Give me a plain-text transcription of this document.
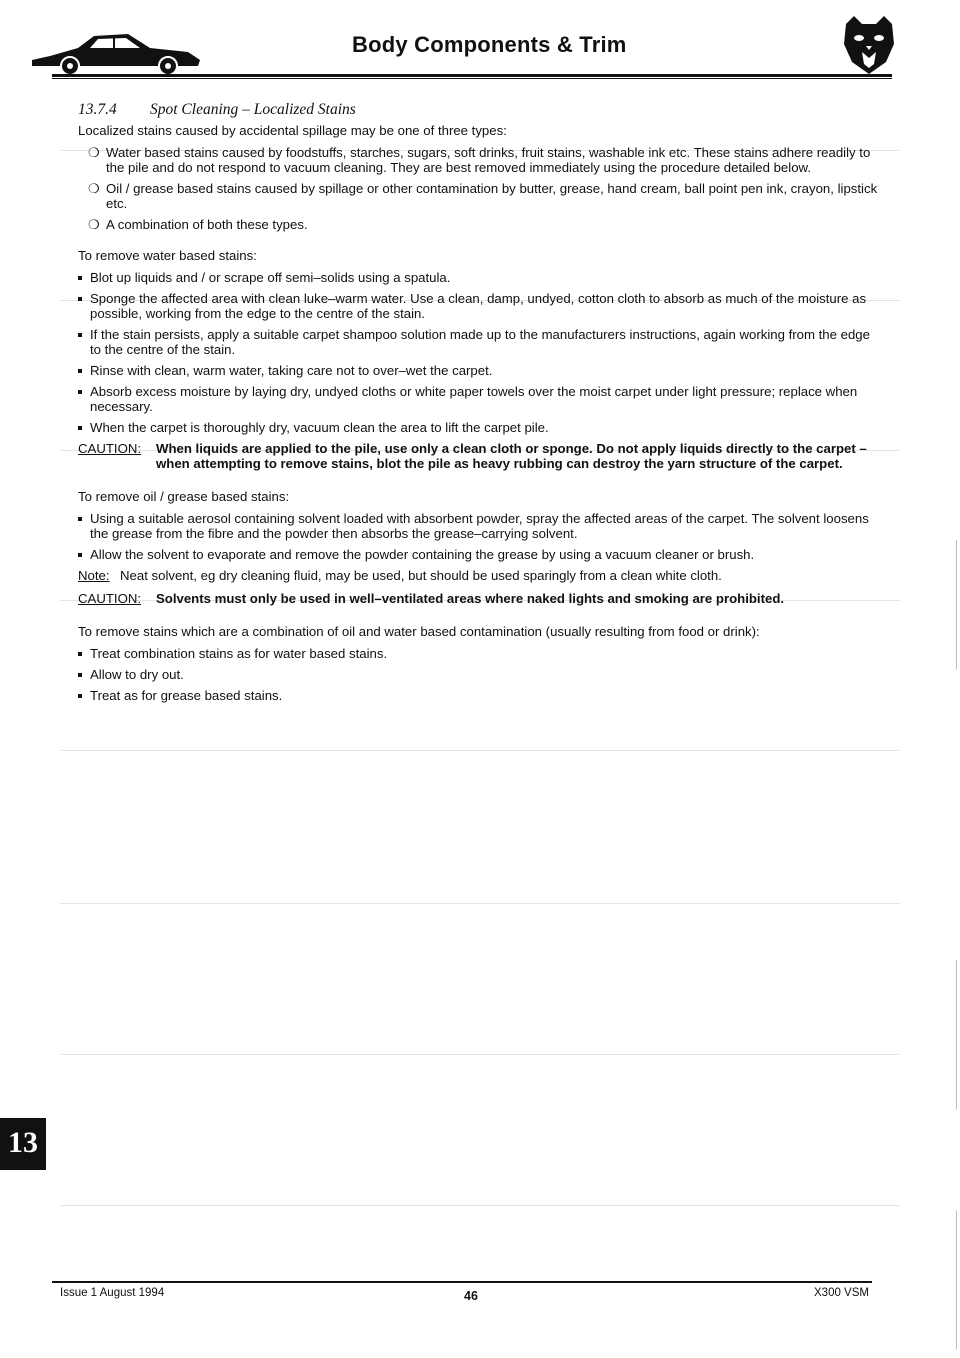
Body Components & Trim
13.7.4 Spot Cleaning – Localized Stains
Localized stains caused by accidental spillage may be one of three types:
❍ Water based stains caused by foodstuffs, starches, sugars, soft drinks, fruit stains, washable ink etc. These stains adhere readily to the pile and do not respond to vacuum cleaning. They are best removed immediately using the procedure detailed below.
❍ Oil / grease based stains caused by spillage or other contamination by butter, grease, hand cream, ball point pen ink, crayon, lipstick etc.
❍ A combination of both these types.
To remove water based stains:
Blot up liquids and / or scrape off semi–solids using a spatula.
Sponge the affected area with clean luke–warm water. Use a clean, damp, undyed, cotton cloth to absorb as much of the moisture as possible, working from the edge to the centre of the stain.
If the stain persists, apply a suitable carpet shampoo solution made up to the manufacturers instructions, again working from the edge to the centre of the stain.
Rinse with clean, warm water, taking care not to over–wet the carpet.
Absorb excess moisture by laying dry, undyed cloths or white paper towels over the moist carpet under light pressure; replace when necessary.
When the carpet is thoroughly dry, vacuum clean the area to lift the carpet pile.
CAUTION:	When liquids are applied to the pile, use only a clean cloth or sponge. Do not apply liquids directly to the carpet – when attempting to remove stains, blot the pile as heavy rubbing can destroy the yarn structure of the carpet.
To remove oil / grease based stains:
Using a suitable aerosol containing solvent loaded with absorbent powder, spray the affected areas of the carpet. The solvent loosens the grease from the fibre and the powder then absorbs the grease–carrying solvent.
Allow the solvent to evaporate and remove the powder containing the grease by using a vacuum cleaner or brush.
Note: Neat solvent, eg dry cleaning fluid, may be used, but should be used sparingly from a clean white cloth.
CAUTION:	Solvents must only be used in well–ventilated areas where naked lights and smoking are prohibited.
To remove stains which are a combination of oil and water based contamination (usually resulting from food or drink):
Treat combination stains as for water based stains.
Allow to dry out.
Treat as for grease based stains.
13
Issue 1 August 1994	46	X300 VSM
